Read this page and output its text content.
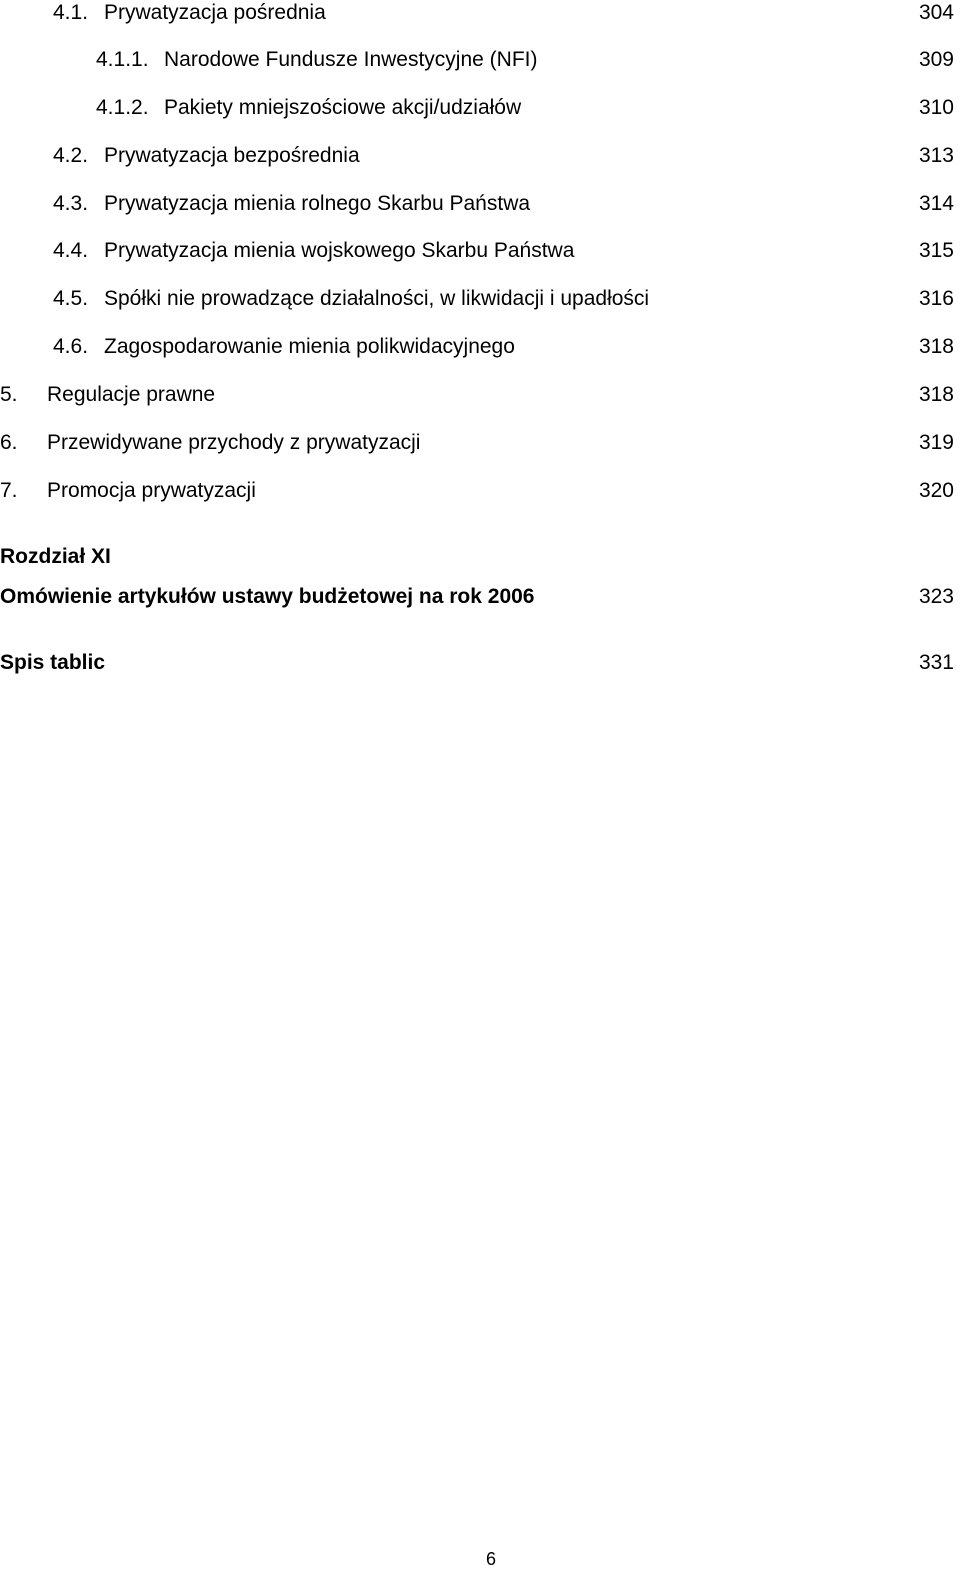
4.1. Prywatyzacja pośrednia	304
4.1.1. Narodowe Fundusze Inwestycyjne (NFI)	309
4.1.2. Pakiety mniejszościowe akcji/udziałów	310
4.2. Prywatyzacja bezpośrednia	313
4.3. Prywatyzacja mienia rolnego Skarbu Państwa	314
4.4. Prywatyzacja mienia wojskowego Skarbu Państwa	315
4.5. Spółki nie prowadzące działalności, w likwidacji i upadłości	316
4.6. Zagospodarowanie mienia polikwidacyjnego	318
5. Regulacje prawne	318
6. Przewidywane przychody z prywatyzacji	319
7. Promocja prywatyzacji	320
Rozdział XI
Omówienie artykułów ustawy budżetowej na rok 2006	323
Spis tablic	331
6
